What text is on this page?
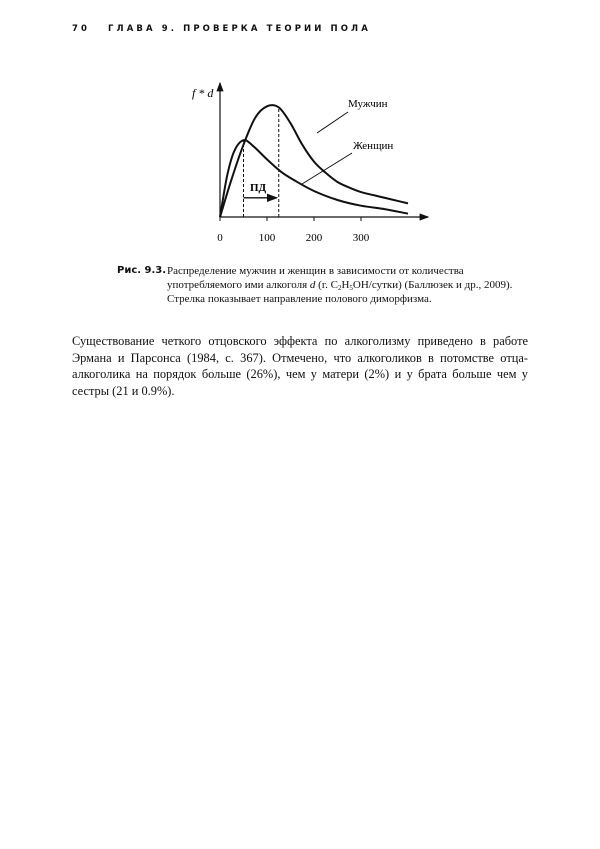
70 ГЛАВА 9. ПРОВЕРКА ТЕОРИИ ПОЛА
f * d
0	100	200	300
ПД
Мужчин
Женщин
Рис. 9.3. Распределение мужчин и женщин в зависимости от количества
употребляемого ими алкоголя d (г. $C_2H_5OH/сутки$) (Баллюзек и др., 2009).
Стрелка показывает направление полового диморфизма.

Существование четкого отцовского эффекта по алкоголизму приведено в работе Эрмана и Парсонса (1984, с. 367). Отмечено, что алкоголиков в потомстве отца-алкоголика на порядок больше (26%), чем у матери (2%) и у брата больше чем у сестры (21 и 0.9%).
